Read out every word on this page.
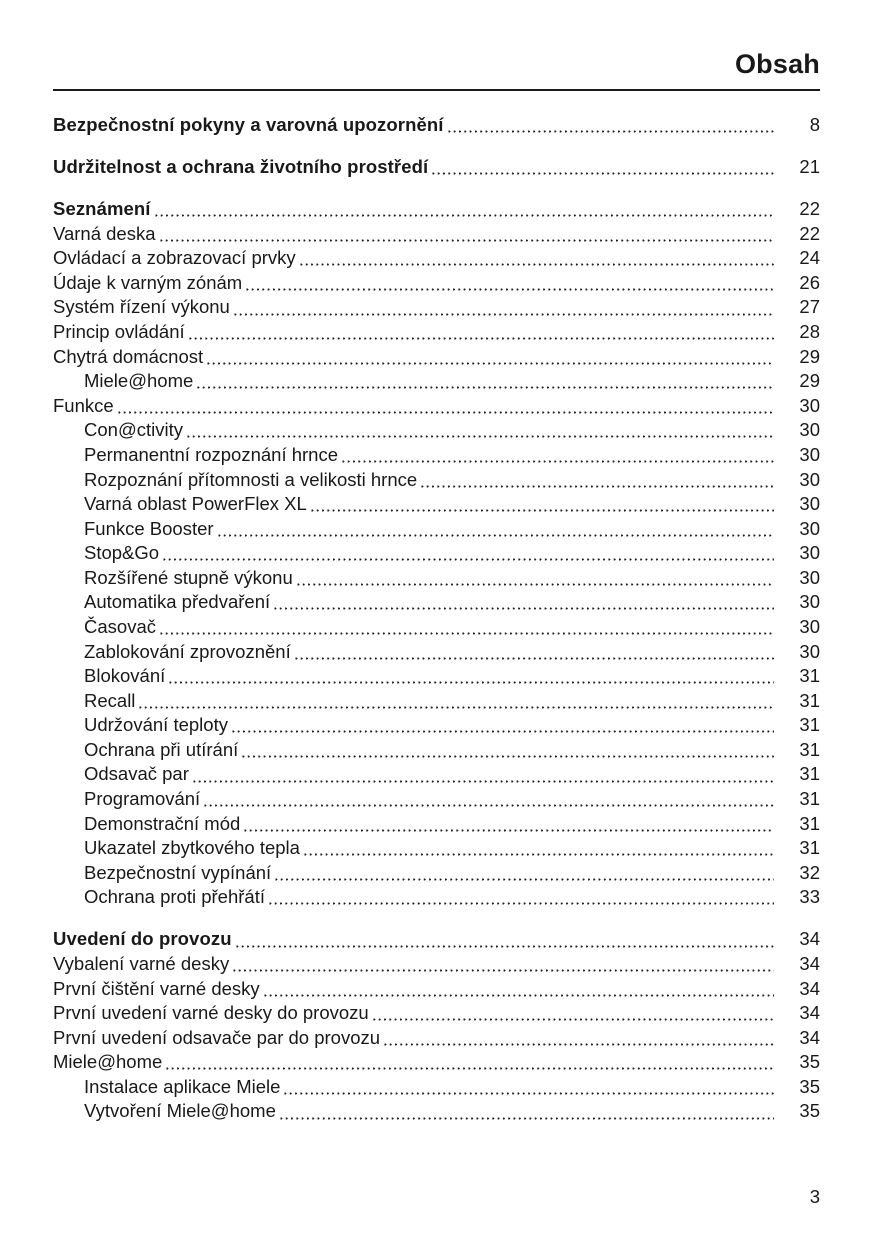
Obsah
Bezpečnostní pokyny a varovná upozornění	8
Udržitelnost a ochrana životního prostředí	21
Seznámení	22
Varná deska	22
Ovládací a zobrazovací prvky	24
Údaje k varným zónám	26
Systém řízení výkonu	27
Princip ovládání	28
Chytrá domácnost	29
Miele@home	29
Funkce	30
Con@ctivity	30
Permanentní rozpoznání hrnce	30
Rozpoznání přítomnosti a velikosti hrnce	30
Varná oblast PowerFlex XL	30
Funkce Booster	30
Stop&Go	30
Rozšířené stupně výkonu	30
Automatika předvaření	30
Časovač	30
Zablokování zprovoznění	30
Blokování	31
Recall	31
Udržování teploty	31
Ochrana při utírání	31
Odsavač par	31
Programování	31
Demonstrační mód	31
Ukazatel zbytkového tepla	31
Bezpečnostní vypínání	32
Ochrana proti přehřátí	33
Uvedení do provozu	34
Vybalení varné desky	34
První čištění varné desky	34
První uvedení varné desky do provozu	34
První uvedení odsavače par do provozu	34
Miele@home	35
Instalace aplikace Miele	35
Vytvoření Miele@home	35
3
